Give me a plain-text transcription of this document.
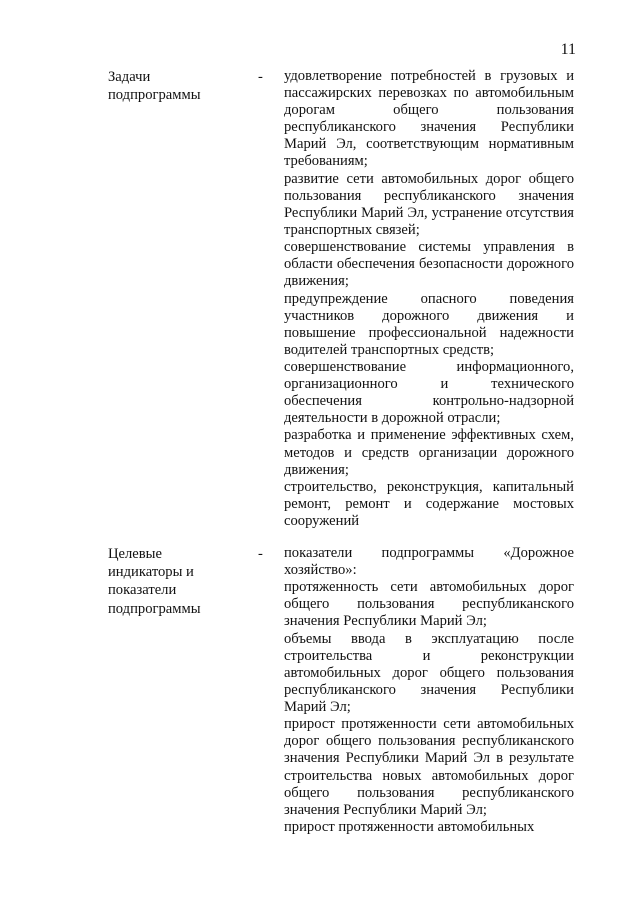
11
Задачи
подпрограммы
-	удовлетворение потребностей в грузовых и пассажирских перевозках по автомобильным дорогам общего пользования республиканского значения Республики Марий Эл, соответствующим нормативным требованиям;

развитие сети автомобильных дорог общего пользования республиканского значения Республики Марий Эл, устранение отсутствия транспортных связей;

совершенствование системы управления в области обеспечения безопасности дорожного движения;

предупреждение опасного поведения участников дорожного движения и повышение профессиональной надежности водителей транспортных средств;

совершенствование информационного, организационного и технического обеспечения контрольно-надзорной деятельности в дорожной отрасли;

разработка и применение эффективных схем, методов и средств организации дорожного движения;

строительство, реконструкция, капитальный ремонт, ремонт и содержание мостовых сооружений

Целевые
индикаторы и
показатели
подпрограммы
-	показатели подпрограммы «Дорожное хозяйство»:

протяженность сети автомобильных дорог общего пользования республиканского значения Республики Марий Эл;

объемы ввода в эксплуатацию после строительства и реконструкции автомобильных дорог общего пользования республиканского значения Республики Марий Эл;

прирост протяженности сети автомобильных дорог общего пользования республиканского значения Республики Марий Эл в результате строительства новых автомобильных дорог общего пользования республиканского значения Республики Марий Эл;

прирост протяженности автомобильных
